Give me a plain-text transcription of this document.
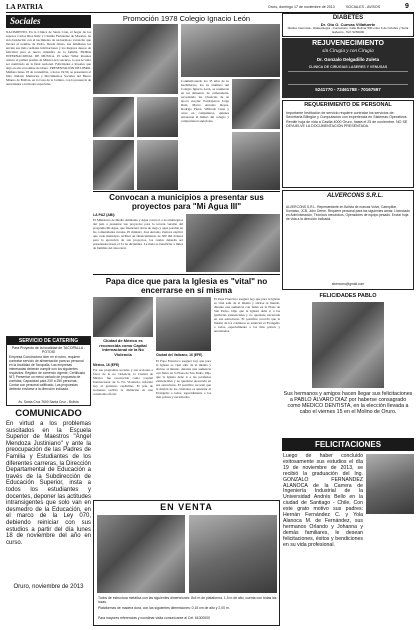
LA PATRIA	Oruro, domingo 17 de noviembre de 2013	SOCIALES - AVISOS	9
Sociales
NACIMIENTO. En la Clínica de Santa Cruz, el hogar de los esposos Carlos Ríos Ruiz y Claudia Fernández de Morales, ha sido bendecido con el nacimiento de un hermoso varoncito que llevará el nombre de Pedro. Desde Oruro, sus familiares les envían sus más cordiales felicitaciones y los mejores deseos de felicidad para el nuevo miembro de la familia. PRIMA INTERNACIONAL DE MÚSICA. El señor Wiler Rosales obtuvo el primer premio de Música del concurso, lo que le valió ser nombrado en la final nacional. Felicidades a Rosales que dejó en alto el nombre de Oruro. PRESENTACIÓN DE LIBRO. Mañana lunes 18 de noviembre, a horas 19:30, se presentará el libro titulado Memorias y Movimientos Sociales del Banco Minero de Bolivia, en la Casa de la Cultura, con la presencia de autoridades e invitados especiales.
Promoción 1978 Colegio Ignacio León
Conmemorando los 35 años de su bachillerato, los ex alumnos del Colegio Ignacio León, se reunieron en un almuerzo de camaradería, recordando las vivencias de su época escolar. Participaron Jorge Ruiz, Marco Antonio Reyes, Rodrigo Pérez, Wilfredo Luna y otros ex compañeros, quienes entonaron el himno del colegio y compartieron anécdotas.
Convocan a municipios a presentar sus proyectos para "Mi Agua III"
LA PAZ (ABI)
El Ministerio de Medio Ambiente y Agua convocó a los municipios del país a presentar sus proyectos para la tercera versión del programa Mi Agua, que financiará obras de riego y agua potable en las comunidades rurales. El ministro José Antonio Zamora explicó que cada municipio recibirá un financiamiento de 300 mil dólares para la ejecución de sus proyectos, los cuales deberán ser presentados hasta el 31 de diciembre. La meta es beneficiar a miles de familias del área rural.
Papa dice que para la Iglesia es "vital" no encerrarse en sí misma
Ciudad de México es reconocida como Capital Internacional de la No Violencia
México, 16 (EFE)
Por sus programas sociales y sus acciones a favor de la no violencia, la Ciudad de México fue reconocida como Capital Internacional de la No Violencia, informó hoy el gobierno capitalino. El jefe de Gobierno recibió la distinción en una ceremonia oficial.
Ciudad del Vaticano, 16 (EFE)
El Papa Francisco aseguró hoy que para la Iglesia es vital salir de sí misma y abrirse al mundo, durante una audiencia con fieles en la Plaza de San Pedro. Dijo que la Iglesia debe ir a las periferias existenciales y no quedarse encerrada en sus estructuras. El pontífice recordó que la misión de los cristianos es anunciar el Evangelio a todos, especialmente a los más pobres y necesitados.
El Papa Francisco aseguró hoy que para la Iglesia es vital salir de sí misma y abrirse al mundo, durante una audiencia con fieles en la Plaza de San Pedro. Dijo que la Iglesia debe ir a las periferias existenciales y no quedarse encerrada en sus estructuras. El pontífice recordó que la misión de los cristianos es anunciar el Evangelio a todos, especialmente a los más pobres y necesitados.
SERVICIO DE CATERING
Para Proyecto de la localidad de TACOPALLA - POTOSI
Empresa Constructora líder en el rubro, requiere contratar servicio de alimentación para su personal en la localidad de Tacopalla. Las empresas interesadas deberán cumplir con los siguientes requisitos: Registro de comercio vigente; Certificado NIT; Presentar un menú variado de propuesta de comidas; Capacidad para 200 a 250 personas; Contar con personal calificado. Las propuestas deberán enviarse a la dirección indicada.
Av. Santa Cruz 7600 Santa Cruz - Bolivia
COMUNICADO
En virtud a los problemas suscitados en la Escuela Superior de Maestros "Ángel Mendoza Justiniano" y ante la preocupación de las Padres de Familia y Estudiantes de los diferentes carreras, la Dirección Departamental de Educación a través de la Subdirección de Educación Superior, insta a todos los estudiantes y docentes, deponer las actitudes intransigentes que solo van en desmedro de la Educación, en el marco de la Ley 070, debiendo reiniciar con sus estudios a partir del día lunes 18 de noviembre del año en curso.
Oruro, noviembre de 2013
EN VENTA
Todos de estructura metálica con las siguientes dimensiones: 8x4 m de plataforma, 1,5 m de alto, cuenta con todas las losas.
Plataformas de madera dura, con las siguientes dimensiones: 0,15 cm de alto y 2,00 m.
Para mayores referencias y coordinar visita comunicarse al Cel: 61000000
DIABETES
Dr. Oto O. Cuevas Villafuerte
Médico Internista - Diabetología - Consultorio: Calle Bolívar 500 entre 6 de Octubre y Soria Galvarro - Telf: 5250000
REJUVENECIMIENTO
sin Cirugía y con Cirugía
Dr. Gonzalo Delgadillo Zuleta
CLINICA DE CIRUGIAS LASERES Y VENUSAS
5241770 - 72461788 - 70167597
REQUERIMIENTO DE PERSONAL
Importante Institución de servicio requiere contratar los servicios de: Secretaria Bilingüe y Computación con experiencia en Sistemas Operativos. Remitir hoja de vida a Casilla 4000 Oruro, hasta el 25 de noviembre. NO SE DEVUELVE LA DOCUMENTACIÓN PRESENTADA.
ALVERCONS S.R.L.
ALVERCONS S.R.L. Representante en Bolivia de marcas Volvo, Caterpillar, Komatsu, JCB, John Deere. Requiere personal para las siguientes áreas: Licenciado en Administración, Técnicos mecánicos, Operadores de equipo pesado. Enviar hoja de vida a la dirección indicada.
alvercons@gmail.com
FELICIDADES PABLO
Sus hermanos y amigos hacen llegar sus felicitaciones a PABLO ÁLVARO DIAZ por haberse consagrado como MEDICO DENTISTA, en la elección llevada a cabo el viernes 15 en el Molino de Oruro.
FELICITACIONES
Luego de haber concluido exitosamente sus estudios el día 19 de noviembre de 2013, se recibió la graduación del Ing. GONZALO FERNANDEZ ALANOCA de la Carrera de Ingeniería Industrial de la Universidad Andrés Bello en la ciudad de Santiago - Chile. Con este grato motivo sus padres: Hernán Fernández C. y Yola Alanoca M. de Fernández, sus hermanos Orlando y Johanna y demás familiares, le desean felicitaciones, éxitos y bendiciones en su vida profesional.
